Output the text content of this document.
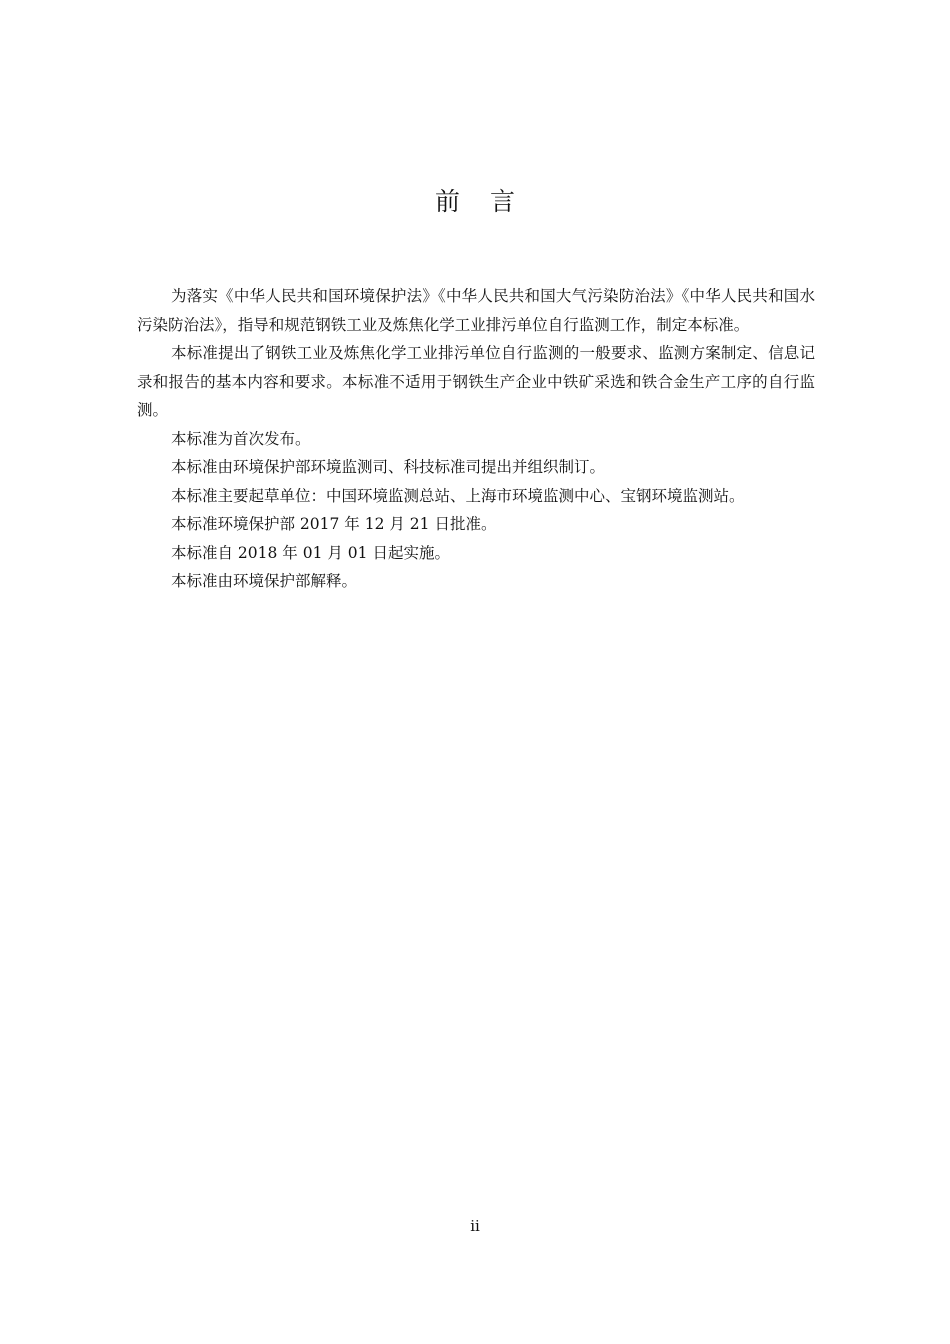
前言

为落实《中华人民共和国环境保护法》《中华人民共和国大气污染防治法》《中华人民共和国水污染防治法》，指导和规范钢铁工业及炼焦化学工业排污单位自行监测工作，制定本标准。

本标准提出了钢铁工业及炼焦化学工业排污单位自行监测的一般要求、监测方案制定、信息记录和报告的基本内容和要求。本标准不适用于钢铁生产企业中铁矿采选和铁合金生产工序的自行监测。

本标准为首次发布。

本标准由环境保护部环境监测司、科技标准司提出并组织制订。

本标准主要起草单位：中国环境监测总站、上海市环境监测中心、宝钢环境监测站。

本标准环境保护部 2017 年 12 月 21 日批准。

本标准自 2018 年 01 月 01 日起实施。

本标准由环境保护部解释。

ii
